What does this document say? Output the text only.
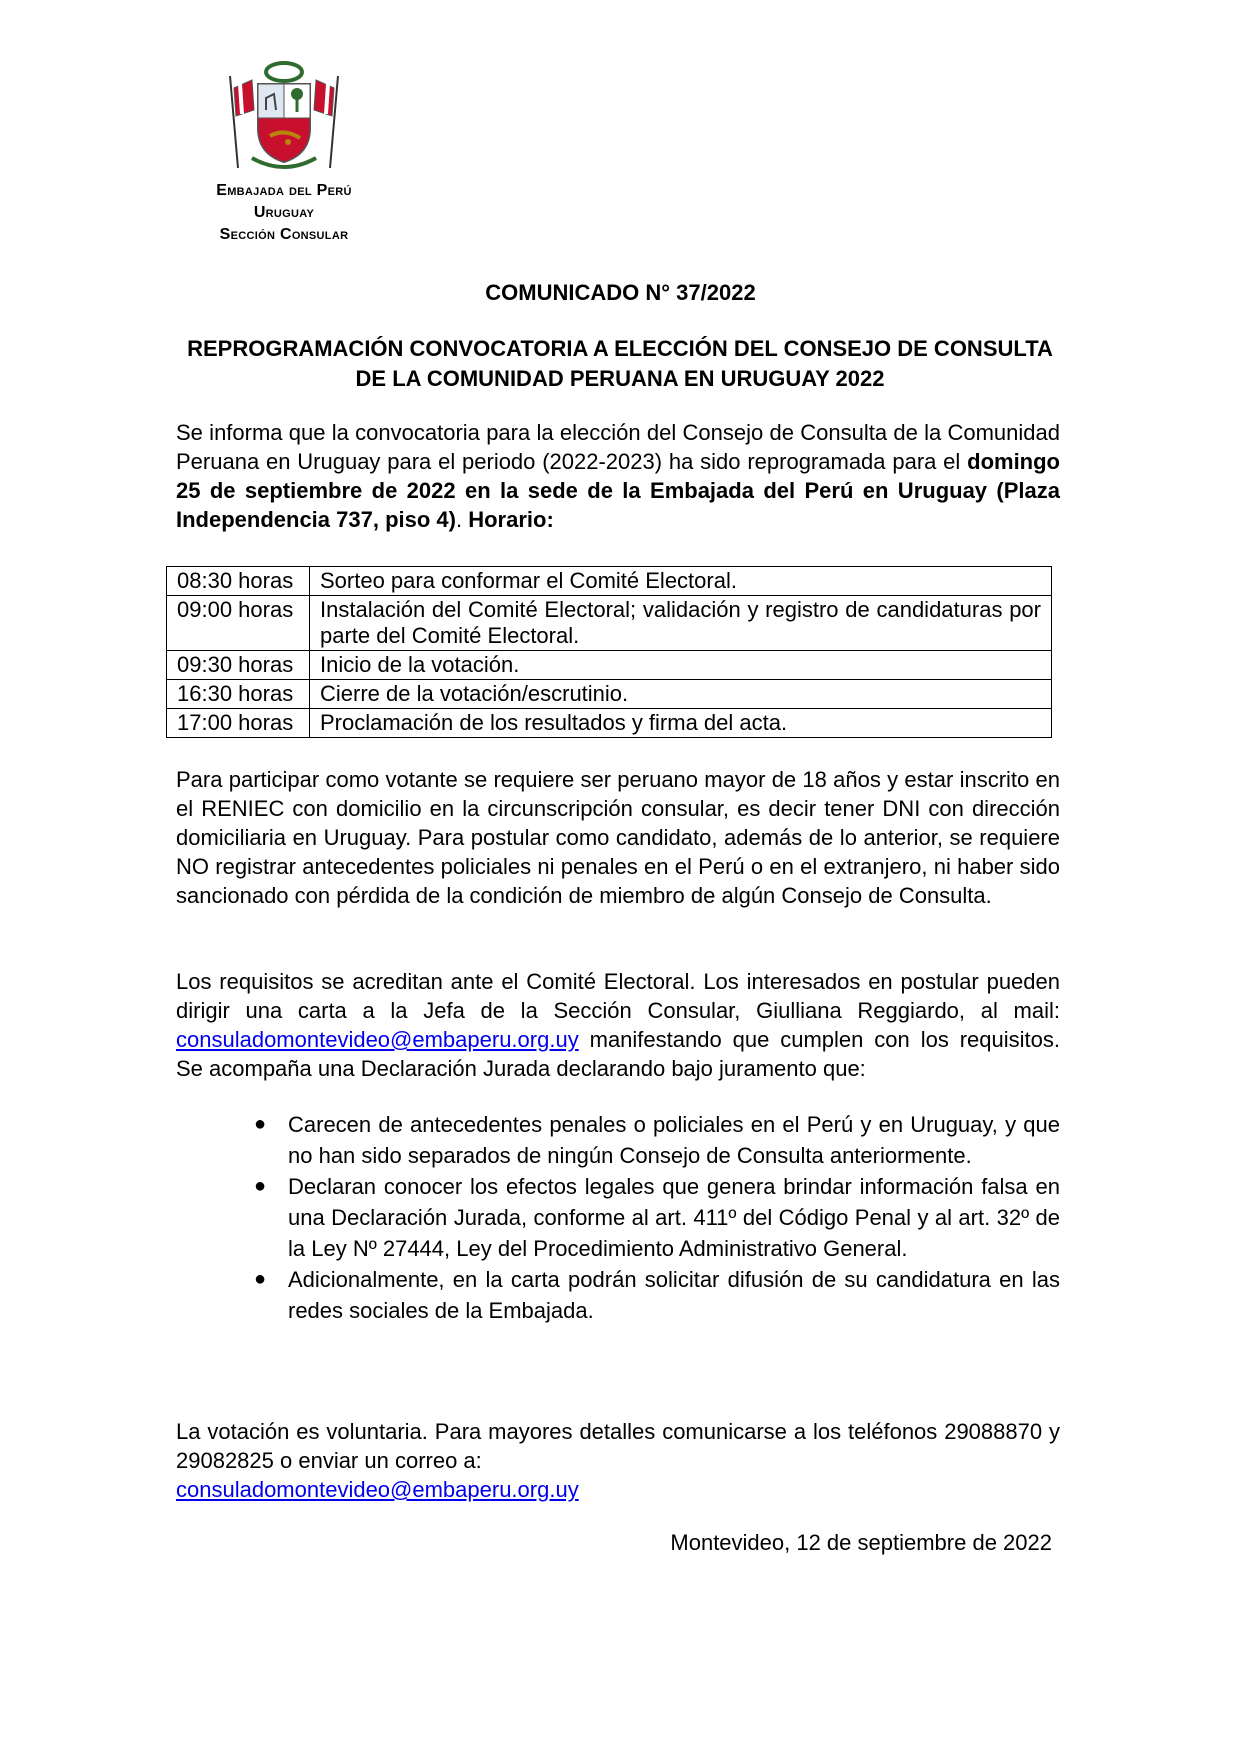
Embajada del Perú
Uruguay
Sección Consular
COMUNICADO N° 37/2022
REPROGRAMACIÓN CONVOCATORIA A ELECCIÓN DEL CONSEJO DE CONSULTA DE LA COMUNIDAD PERUANA EN URUGUAY 2022
Se informa que la convocatoria para la elección del Consejo de Consulta de la Comunidad Peruana en Uruguay para el periodo (2022-2023) ha sido reprogramada para el domingo 25 de septiembre de 2022 en la sede de la Embajada del Perú en Uruguay (Plaza Independencia 737, piso 4). Horario:
08:30 horas	Sorteo para conformar el Comité Electoral.
09:00 horas	Instalación del Comité Electoral; validación y registro de candidaturas por parte del Comité Electoral.
09:30 horas	Inicio de la votación.
16:30 horas	Cierre de la votación/escrutinio.
17:00 horas	Proclamación de los resultados y firma del acta.
Para participar como votante se requiere ser peruano mayor de 18 años y estar inscrito en el RENIEC con domicilio en la circunscripción consular, es decir tener DNI con dirección domiciliaria en Uruguay. Para postular como candidato, además de lo anterior, se requiere NO registrar antecedentes policiales ni penales en el Perú o en el extranjero, ni haber sido sancionado con pérdida de la condición de miembro de algún Consejo de Consulta.
Los requisitos se acreditan ante el Comité Electoral. Los interesados en postular pueden dirigir una carta a la Jefa de la Sección Consular, Giulliana Reggiardo, al mail: consuladomontevideo@embaperu.org.uy manifestando que cumplen con los requisitos. Se acompaña una Declaración Jurada declarando bajo juramento que:
● Carecen de antecedentes penales o policiales en el Perú y en Uruguay, y que no han sido separados de ningún Consejo de Consulta anteriormente.
● Declaran conocer los efectos legales que genera brindar información falsa en una Declaración Jurada, conforme al art. 411º del Código Penal y al art. 32º de la Ley Nº 27444, Ley del Procedimiento Administrativo General.
● Adicionalmente, en la carta podrán solicitar difusión de su candidatura en las redes sociales de la Embajada.
La votación es voluntaria. Para mayores detalles comunicarse a los teléfonos 29088870 y 29082825 o enviar un correo a:
consuladomontevideo@embaperu.org.uy
Montevideo, 12 de septiembre de 2022
